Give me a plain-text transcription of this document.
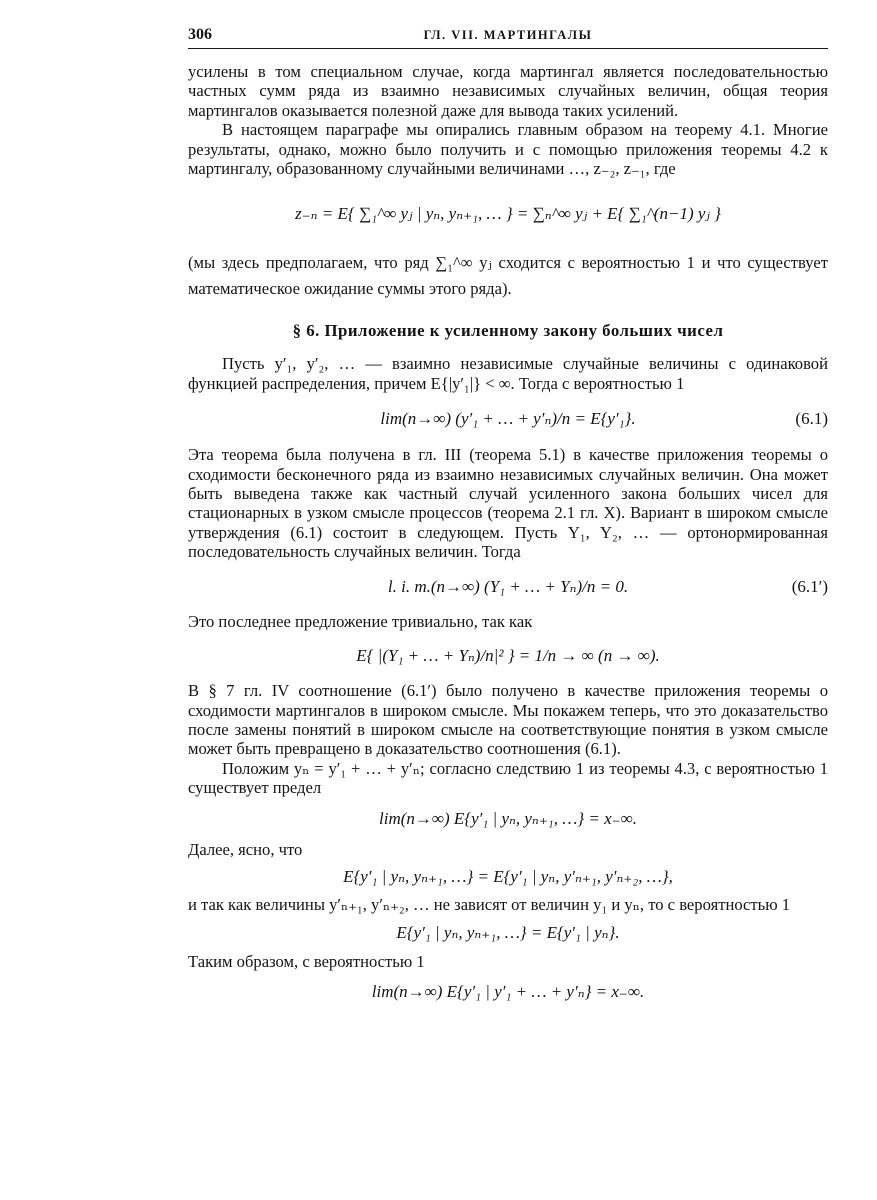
306	ГЛ. VII. МАРТИНГАЛЫ

усилены в том специальном случае, когда мартингал является последовательностью частных сумм ряда из взаимно независимых случайных величин, общая теория мартингалов оказывается полезной даже для вывода таких усилений.

В настоящем параграфе мы опирались главным образом на теорему 4.1. Многие результаты, однако, можно было получить и с помощью приложения теоремы 4.2 к мартингалу, образованному случайными величинами …, z₋₂, z₋₁, где

z₋ₙ = E{ ∑₁^∞ yⱼ | yₙ, yₙ₊₁, … } = ∑ₙ^∞ yⱼ + E{ ∑₁^(n−1) yⱼ }

(мы здесь предполагаем, что ряд ∑₁^∞ yⱼ сходится с вероятностью 1 и что существует математическое ожидание суммы этого ряда).

§ 6. Приложение к усиленному закону больших чисел

Пусть y′₁, y′₂, … — взаимно независимые случайные величины с одинаковой функцией распределения, причем E{|y′₁|} < ∞. Тогда с вероятностью 1

lim(n→∞) (y′₁ + … + y′ₙ)/n = E{y′₁}.	(6.1)

Эта теорема была получена в гл. III (теорема 5.1) в качестве приложения теоремы о сходимости бесконечного ряда из взаимно независимых случайных величин. Она может быть выведена также как частный случай усиленного закона больших чисел для стационарных в узком смысле процессов (теорема 2.1 гл. X). Вариант в широком смысле утверждения (6.1) состоит в следующем. Пусть Y₁, Y₂, … — ортонормированная последовательность случайных величин. Тогда

l. i. m.(n→∞) (Y₁ + … + Yₙ)/n = 0.	(6.1′)

Это последнее предложение тривиально, так как

E{ |(Y₁ + … + Yₙ)/n|² } = 1/n → ∞ (n → ∞).

В § 7 гл. IV соотношение (6.1′) было получено в качестве приложения теоремы о сходимости мартингалов в широком смысле. Мы покажем теперь, что это доказательство после замены понятий в широком смысле на соответствующие понятия в узком смысле может быть превращено в доказательство соотношения (6.1).

Положим yₙ = y′₁ + … + y′ₙ; согласно следствию 1 из теоремы 4.3, с вероятностью 1 существует предел

lim(n→∞) E{y′₁ | yₙ, yₙ₊₁, …} = x₋∞.

Далее, ясно, что

E{y′₁ | yₙ, yₙ₊₁, …} = E{y′₁ | yₙ, y′ₙ₊₁, y′ₙ₊₂, …},

и так как величины y′ₙ₊₁, y′ₙ₊₂, … не зависят от величин y₁ и yₙ, то с вероятностью 1

E{y′₁ | yₙ, yₙ₊₁, …} = E{y′₁ | yₙ}.

Таким образом, с вероятностью 1

lim(n→∞) E{y′₁ | y′₁ + … + y′ₙ} = x₋∞.
